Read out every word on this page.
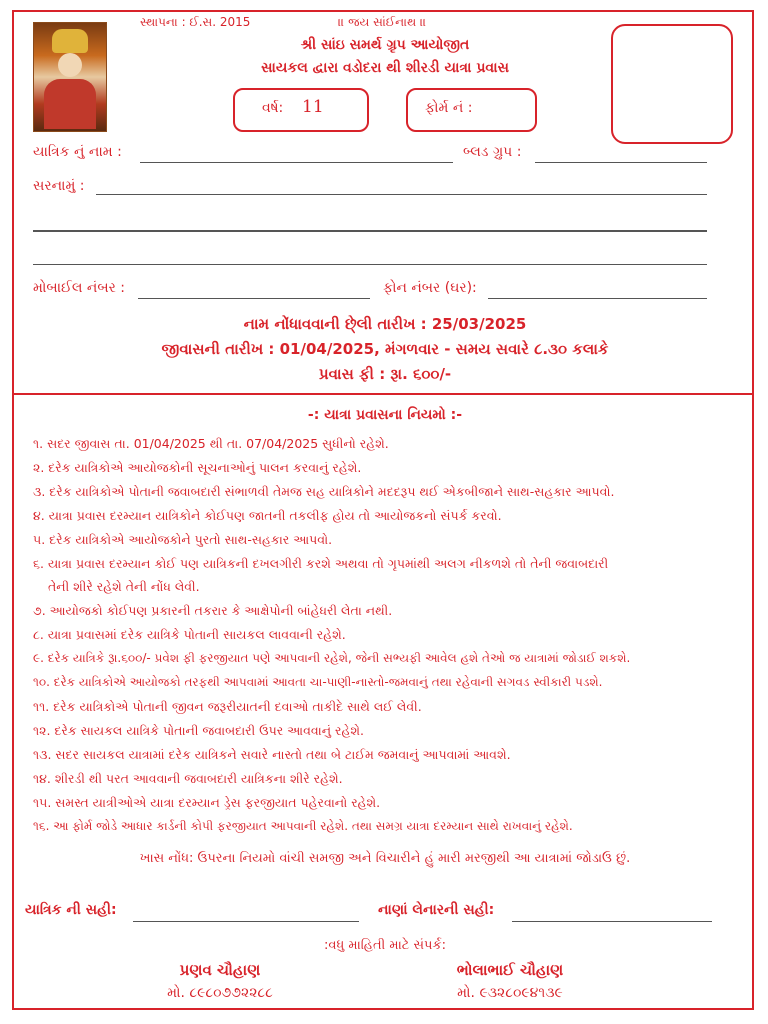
સ્થાપના : ઈ.સ. 2015	॥ જય સાંઈનાથ ॥
શ્રી સાંઇ સમર્થ ગ્રૃપ આયોજીત
સાયકલ દ્વારા વડોદરા થી શીરડી યાત્રા પ્રવાસ
વર્ષ: 11	ફોર્મ નં :
યાત્રિક નું નામ :	બ્લડ ગ્રુપ :
સરનામું :
મોબાઈલ નંબર :	ફોન નંબર (ઘર):
નામ નોંધાવવાની છે્લી તારીખ : 25/03/2025
જીવાસની તારીખ : 01/04/2025, મંગળવાર - સમય સવારે ૮.૩૦ કલાકે
પ્રવાસ ફી : રૂા. ૬૦૦/-
-: યાત્રા પ્રવાસના નિયમો :-
૧. સદર જીવાસ તા. 01/04/2025 થી તા. 07/04/2025 સુધીનો રહેશે.
૨. દરેક યાત્રિકોએ આયોજકોની સૂચનાઓનું પાલન કરવાનું રહેશે.
૩. દરેક યાત્રિકોએ પોતાની જવાબદારી સંભાળવી તેમજ સહ યાત્રિકોને મદદરૂપ થઈ એકબીજાને સાથ-સહકાર આપવો.
૪. યાત્રા પ્રવાસ દરમ્યાન યાત્રિકોને કોઈપણ જાતની તકલીફ હોય તો આયોજકનો સંપર્ક કરવો.
૫. દરેક યાત્રિકોએ આયોજકોને પુરતો સાથ-સહકાર આપવો.
૬. યાત્રા પ્રવાસ દરમ્યાન કોઈ પણ યાત્રિકની દખલગીરી કરશે અથવા તો ગૃપમાંથી અલગ નીકળશે તો તેની જવાબદારી
તેની શીરે રહેશે તેની નોંધ લેવી.
૭. આયોજકો કોઈપણ પ્રકારની તકરાર કે આક્ષેપોની બાંહેધરી લેતા નથી.
૮. યાત્રા પ્રવાસમાં દરેક યાત્રિકે પોતાની સાયકલ લાવવાની રહેશે.
૯. દરેક યાત્રિકે રૂા.૬૦૦/- પ્રવેશ ફી ફરજીયાત પણે આપવાની રહેશે, જેની સભ્યફી આવેલ હશે તેઓ જ યાત્રામાં જોડાઈ શકશે.
૧૦. દરેક યાત્રિકોએ આયોજકો તરફથી આપવામાં આવતા ચા-પાણી-નાસ્તો-જમવાનું તથા રહેવાની સગવડ સ્વીકારી પડશે.
૧૧. દરેક યાત્રિકોએ પોતાની જીવન જરૂરીયાતની દવાઓ તાકીદે સાથે લઈ લેવી.
૧૨. દરેક સાયકલ યાત્રિકે પોતાની જવાબદારી ઉપર આવવાનું રહેશે.
૧૩. સદર સાયકલ યાત્રામાં દરેક યાત્રિકને સવારે નાસ્તો તથા બે ટાઈમ જમવાનું આપવામાં આવશે.
૧૪. શીરડી થી પરત આવવાની જવાબદારી યાત્રિકના શીરે રહેશે.
૧૫. સમસ્ત યાત્રીઓએ યાત્રા દરમ્યાન ડ્રેસ ફરજીયાત પહેરવાનો રહેશે.
૧૬. આ ફોર્મ જોડે આધાર કાર્ડની કોપી ફરજીયાત આપવાની રહેશે. તથા સમગ્ર યાત્રા દરમ્યાન સાથે રાખવાનું રહેશે.
ખાસ નોંધ: ઉપરના નિયમો વાંચી સમજી અને વિચારીને હું મારી મરજીથી આ યાત્રામાં જોડાઉ છું.
યાત્રિક ની સહી:	નાણાં લેનારની સહી:
:વધુ માહિતી માટે સંપર્ક:
પ્રણવ ચૌહાણ
મો. ૮૯૮૦૭૭૨૨૮૮
ભોલાભાઈ ચૌહાણ
મો. ૯૩૨૮૦૯૪૧૩૯
